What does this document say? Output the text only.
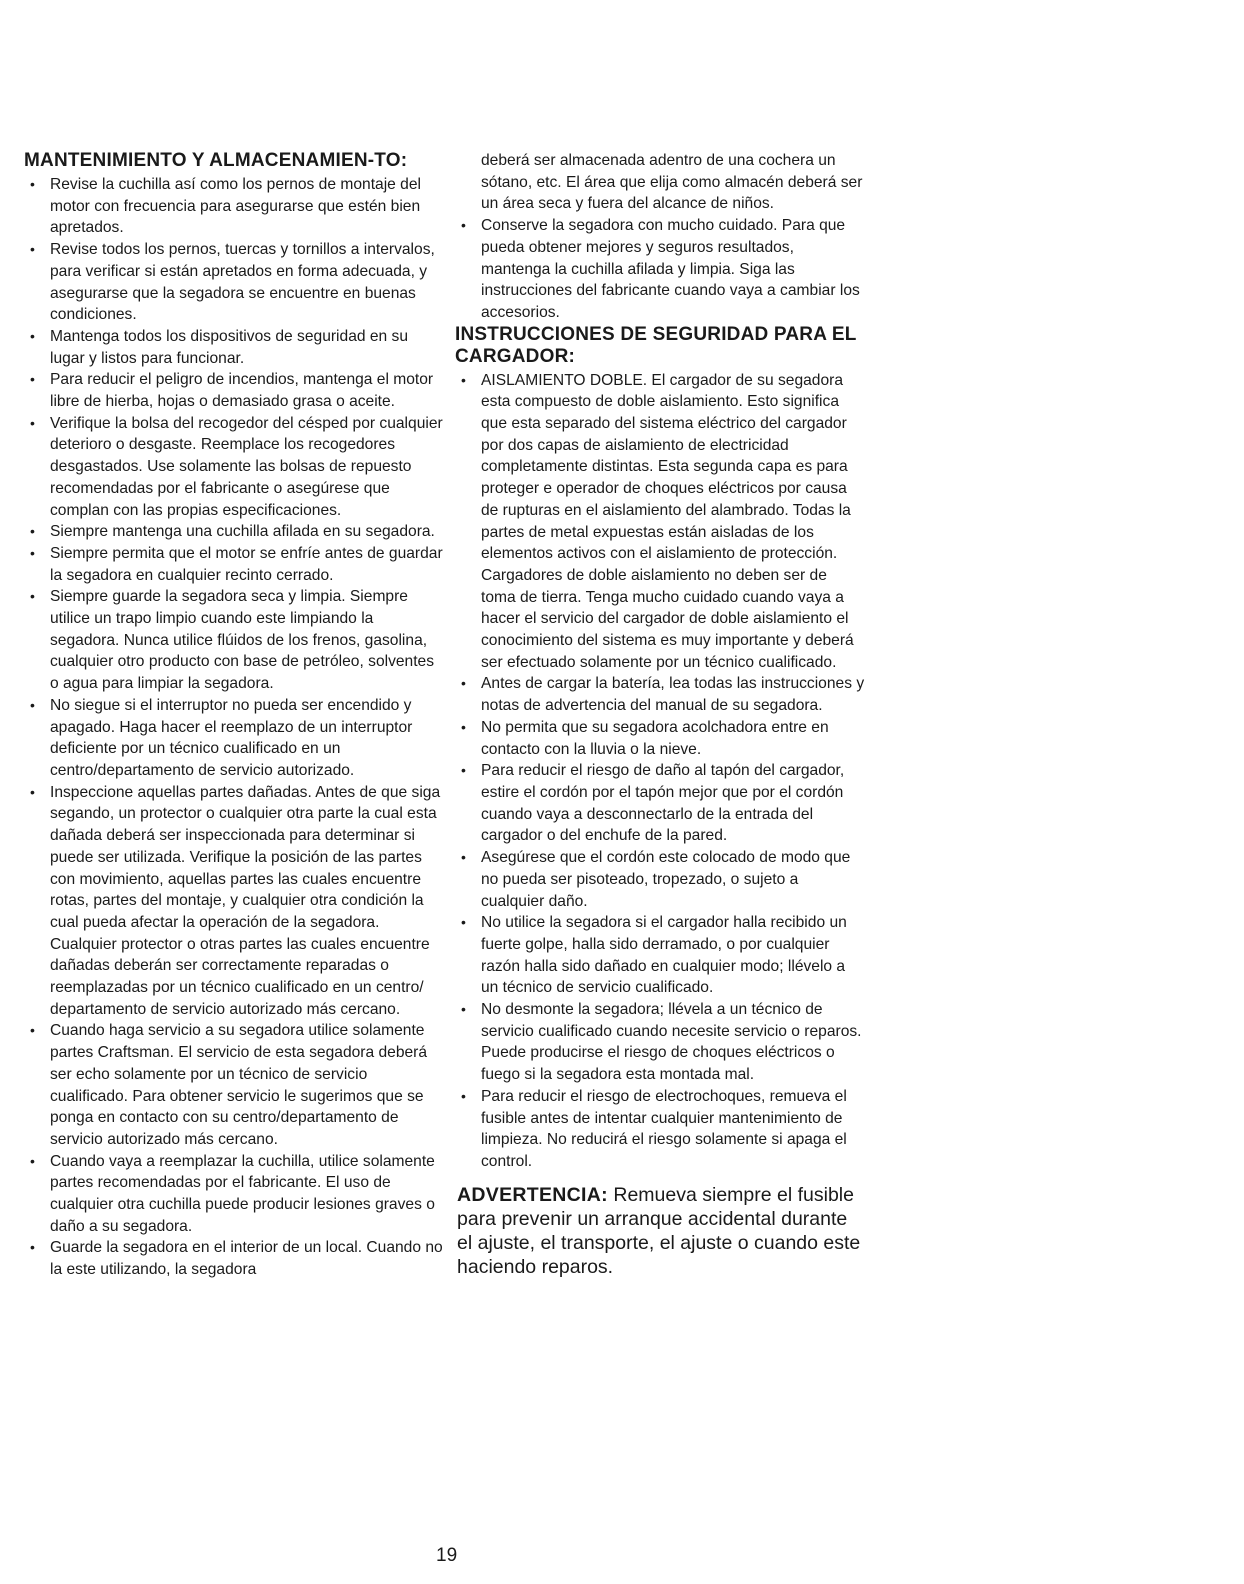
MANTENIMIENTO Y ALMACENAMIEN-TO:
• Revise la cuchilla así como los pernos de montaje del motor con frecuencia para asegurarse que estén bien apretados.
• Revise todos los pernos, tuercas y tornillos a intervalos, para verificar si están apretados en forma adecuada, y asegurarse que la segadora se encuentre en buenas condiciones.
• Mantenga todos los dispositivos de seguridad en su lugar y listos para funcionar.
• Para reducir el peligro de incendios, mantenga el motor libre de hierba, hojas o demasiado grasa o aceite.
• Verifique la bolsa del recogedor del césped por cualquier deterioro o desgaste. Reemplace los recogedores desgastados. Use solamente las bolsas de repuesto recomendadas por el fabricante o asegúrese que complan con las propias especificaciones.
• Siempre mantenga una cuchilla afilada en su segadora.
• Siempre permita que el motor se enfríe antes de guardar la segadora en cualquier recinto cerrado.
• Siempre guarde la segadora seca y limpia. Siempre utilice un trapo limpio cuando este limpiando la segadora. Nunca utilice flúidos de los frenos, gasolina, cualquier otro producto con base de petróleo, solventes o agua para limpiar la segadora.
• No siegue si el interruptor no pueda ser encendido y apagado. Haga hacer el reemplazo de un interruptor deficiente por un técnico cualificado en un centro/departamento de servicio autorizado.
• Inspeccione aquellas partes dañadas. Antes de que siga segando, un protector o cualquier otra parte la cual esta dañada deberá ser inspeccionada para determinar si puede ser utilizada. Verifique la posición de las partes con movimiento, aquellas partes las cuales encuentre rotas, partes del montaje, y cualquier otra condición la cual pueda afectar la operación de la segadora. Cualquier protector o otras partes las cuales encuentre dañadas deberán ser correctamente reparadas o reemplazadas por un técnico cualificado en un centro/ departamento de servicio autorizado más cercano.
• Cuando haga servicio a su segadora utilice solamente partes Craftsman. El servicio de esta segadora deberá ser echo solamente por un técnico de servicio cualificado. Para obtener servicio le sugerimos que se ponga en contacto con su centro/departamento de servicio autorizado más cercano.
• Cuando vaya a reemplazar la cuchilla, utilice solamente partes recomendadas por el fabricante. El uso de cualquier otra cuchilla puede producir lesiones graves o daño a su segadora.
• Guarde la segadora en el interior de un local. Cuando no la este utilizando, la segadora
deberá ser almacenada adentro de una cochera un sótano, etc. El área que elija como almacén deberá ser un área seca y fuera del alcance de niños.
• Conserve la segadora con mucho cuidado. Para que pueda obtener mejores y seguros resultados, mantenga la cuchilla afilada y limpia. Siga las instrucciones del fabricante cuando vaya a cambiar los accesorios.
INSTRUCCIONES DE SEGURIDAD PARA EL CARGADOR:
• AISLAMIENTO DOBLE. El cargador de su segadora esta compuesto de doble aislamiento. Esto significa que esta separado del sistema eléctrico del cargador por dos capas de aislamiento de electricidad completamente distintas. Esta segunda capa es para proteger e operador de choques eléctricos por causa de rupturas en el aislamiento del alambrado. Todas la partes de metal expuestas están aisladas de los elementos activos con el aislamiento de protección. Cargadores de doble aislamiento no deben ser de toma de tierra. Tenga mucho cuidado cuando vaya a hacer el servicio del cargador de doble aislamiento el conocimiento del sistema es muy importante y deberá ser efectuado solamente por un técnico cualificado.
• Antes de cargar la batería, lea todas las instrucciones y notas de advertencia del manual de su segadora.
• No permita que su segadora acolchadora entre en contacto con la lluvia o la nieve.
• Para reducir el riesgo de daño al tapón del cargador, estire el cordón por el tapón mejor que por el cordón cuando vaya a desconnectarlo de la entrada del cargador o del enchufe de la pared.
• Asegúrese que el cordón este colocado de modo que no pueda ser pisoteado, tropezado, o sujeto a cualquier daño.
• No utilice la segadora si el cargador halla recibido un fuerte golpe, halla sido derramado, o por cualquier razón halla sido dañado en cualquier modo; llévelo a un técnico de servicio cualificado.
• No desmonte la segadora; llévela a un técnico de servicio cualificado cuando necesite servicio o reparos. Puede producirse el riesgo de choques eléctricos o fuego si la segadora esta montada mal.
• Para reducir el riesgo de electrochoques, remueva el fusible antes de intentar cualquier mantenimiento de limpieza. No reducirá el riesgo solamente si apaga el control.
ADVERTENCIA: Remueva siempre el fusible para prevenir un arranque accidental durante el ajuste, el transporte, el ajuste o cuando este haciendo reparos.
19
